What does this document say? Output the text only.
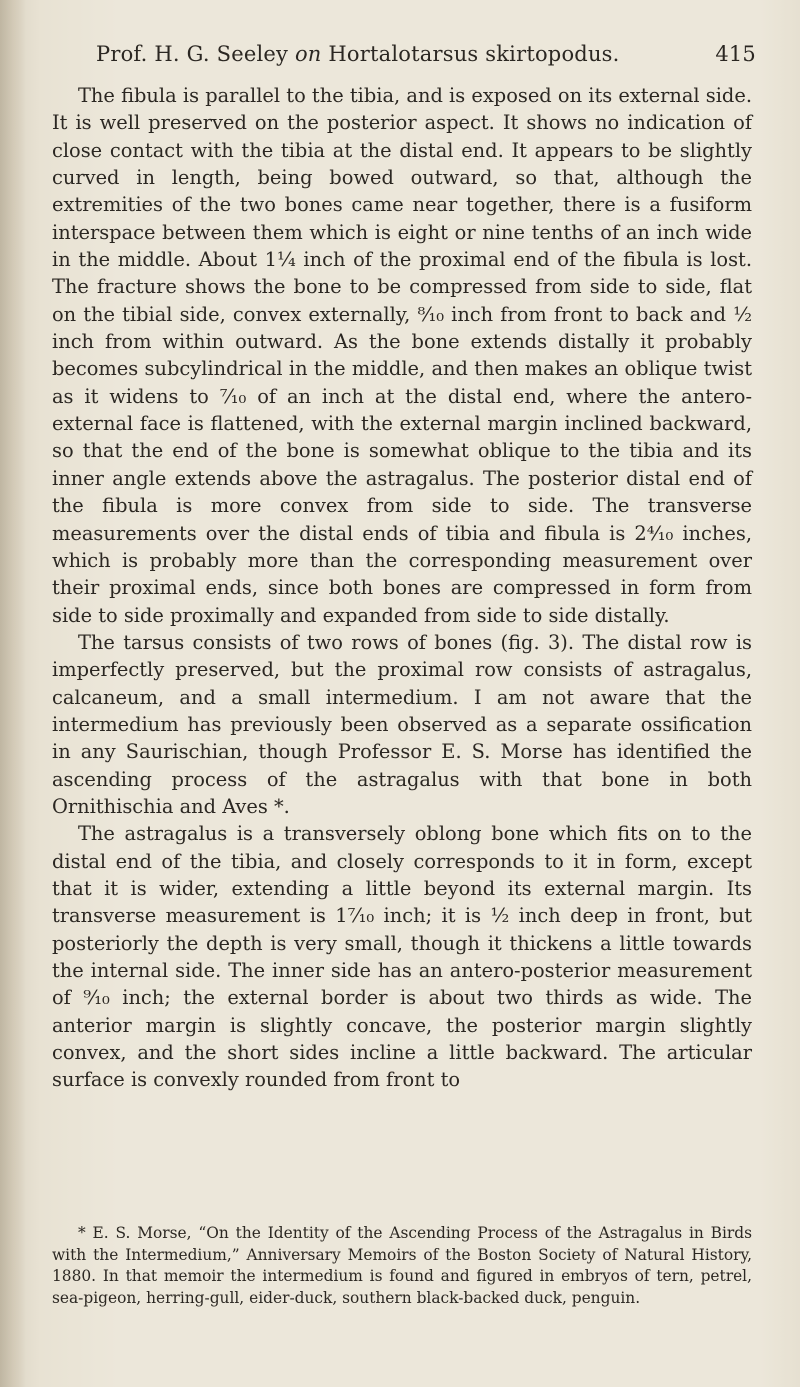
Prof. H. G. Seeley on Hortalotarsus skirtopodus.	415

The fibula is parallel to the tibia, and is exposed on its external side. It is well preserved on the posterior aspect. It shows no indication of close contact with the tibia at the distal end. It appears to be slightly curved in length, being bowed outward, so that, although the extremities of the two bones came near together, there is a fusiform interspace between them which is eight or nine tenths of an inch wide in the middle. About 1¼ inch of the proximal end of the fibula is lost. The fracture shows the bone to be compressed from side to side, flat on the tibial side, convex externally, ⁸⁄₁₀ inch from front to back and ½ inch from within outward. As the bone extends distally it probably becomes subcylindrical in the middle, and then makes an oblique twist as it widens to ⁷⁄₁₀ of an inch at the distal end, where the antero-external face is flattened, with the external margin inclined backward, so that the end of the bone is somewhat oblique to the tibia and its inner angle extends above the astragalus. The posterior distal end of the fibula is more convex from side to side. The transverse measurements over the distal ends of tibia and fibula is 2⁴⁄₁₀ inches, which is probably more than the corresponding measurement over their proximal ends, since both bones are compressed in form from side to side proximally and expanded from side to side distally.

The tarsus consists of two rows of bones (fig. 3). The distal row is imperfectly preserved, but the proximal row consists of astragalus, calcaneum, and a small intermedium. I am not aware that the intermedium has previously been observed as a separate ossification in any Saurischian, though Professor E. S. Morse has identified the ascending process of the astragalus with that bone in both Ornithischia and Aves *.

The astragalus is a transversely oblong bone which fits on to the distal end of the tibia, and closely corresponds to it in form, except that it is wider, extending a little beyond its external margin. Its transverse measurement is 1⁷⁄₁₀ inch; it is ½ inch deep in front, but posteriorly the depth is very small, though it thickens a little towards the internal side. The inner side has an antero-posterior measurement of ⁹⁄₁₀ inch; the external border is about two thirds as wide. The anterior margin is slightly concave, the posterior margin slightly convex, and the short sides incline a little backward. The articular surface is convexly rounded from front to

* E. S. Morse, “On the Identity of the Ascending Process of the Astragalus in Birds with the Intermedium,” Anniversary Memoirs of the Boston Society of Natural History, 1880. In that memoir the intermedium is found and figured in embryos of tern, petrel, sea-pigeon, herring-gull, eider-duck, southern black-backed duck, penguin.
